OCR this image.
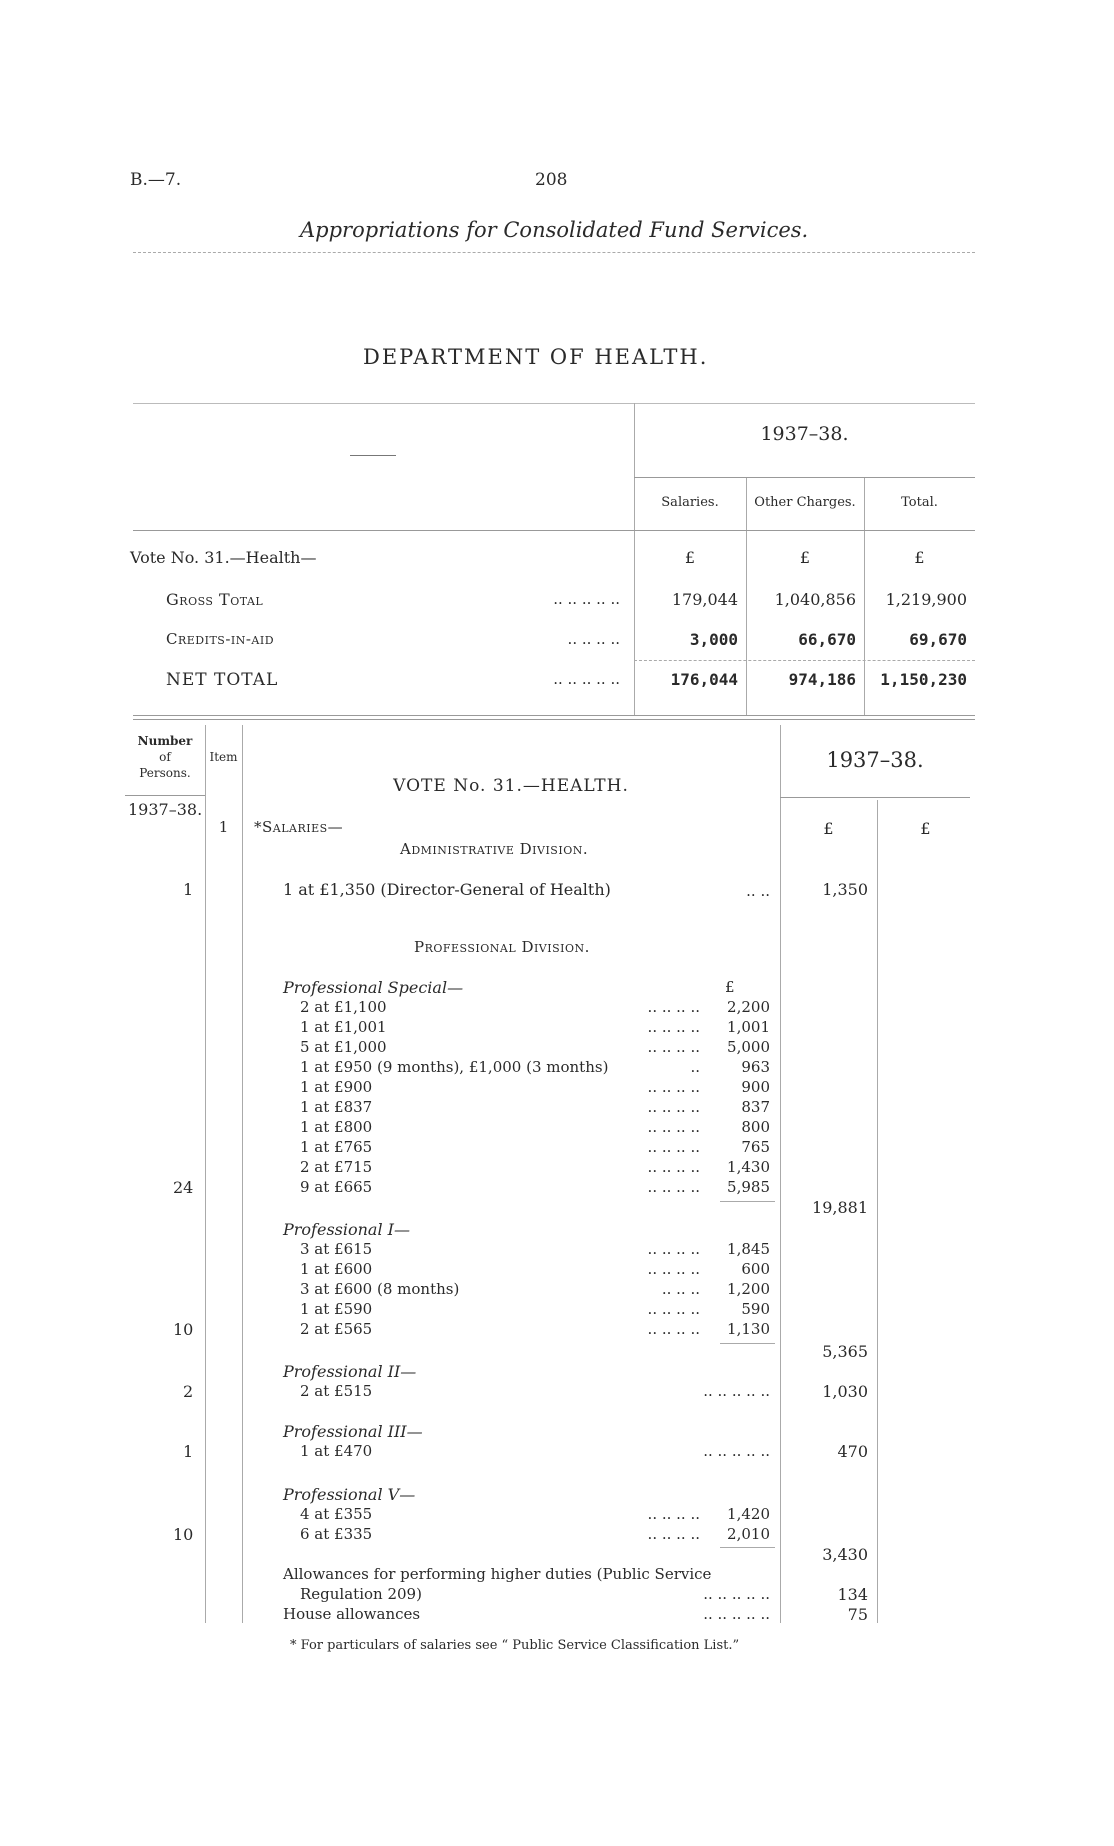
B.—7.	208
Appropriations for Consolidated Fund Services.
DEPARTMENT OF HEALTH.
1937–38.
Salaries.	Other Charges.	Total.
Vote No. 31.—Health—	£	£	£
Gross Total	.. .. .. .. ..	179,044	1,040,856	1,219,900
Credits-in-aid	.. .. .. ..	3,000	66,670	69,670
NET TOTAL	.. .. .. .. ..	176,044	974,186	1,150,230
Number
of
Persons.
Item
1937–38.
VOTE No. 31.—HEALTH.
1937–38.
£	£
1	*Salaries—
Administrative Division.
1	1 at £1,350 (Director-General of Health)	.. ..	1,350
Professional Division.
Professional Special—	£
2 at £1,100	.. .. .. ..	2,200
1 at £1,001	.. .. .. ..	1,001
5 at £1,000	.. .. .. ..	5,000
1 at £950 (9 months), £1,000 (3 months)	..	963
1 at £900	.. .. .. ..	900
1 at £837	.. .. .. ..	837
1 at £800	.. .. .. ..	800
1 at £765	.. .. .. ..	765
2 at £715	.. .. .. ..	1,430
24	9 at £665	.. .. .. ..	5,985
19,881
Professional I—
3 at £615	.. .. .. ..	1,845
1 at £600	.. .. .. ..	600
3 at £600 (8 months)	.. .. ..	1,200
1 at £590	.. .. .. ..	590
10	2 at £565	.. .. .. ..	1,130
5,365
Professional II—
2	2 at £515	.. .. .. .. ..	1,030
Professional III—
1	1 at £470	.. .. .. .. ..	470
Professional V—
4 at £355	.. .. .. ..	1,420
10	6 at £335	.. .. .. ..	2,010
3,430
Allowances for performing higher duties (Public Service
Regulation 209)	.. .. .. .. ..	134
House allowances	.. .. .. .. ..	75
* For particulars of salaries see “ Public Service Classification List.”
